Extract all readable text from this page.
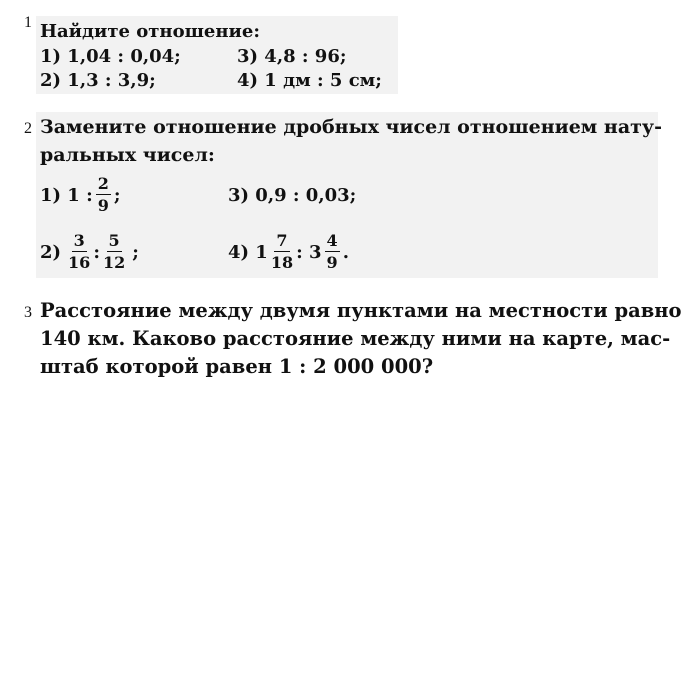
1 Найдите отношение:
1) 1,04 : 0,04;	3) 4,8 : 96;
2) 1,3 : 3,9;	4) 1 дм : 5 см;
2 Замените отношение дробных чисел отношением нату-
ральных чисел:
1) 1 : $\frac{2}{9}$ ;	3) 0,9 : 0,03;
$2) \frac{3}{16}$ : $\frac{5}{12}$ ;	4) $1 \frac{7}{18}$ : $3 \frac{4}{9}$ .
3 Расстояние между двумя пунктами на местности равно
140 км. Каково расстояние между ними на карте, мас-
штаб которой равен 1 : 2 000 000?
